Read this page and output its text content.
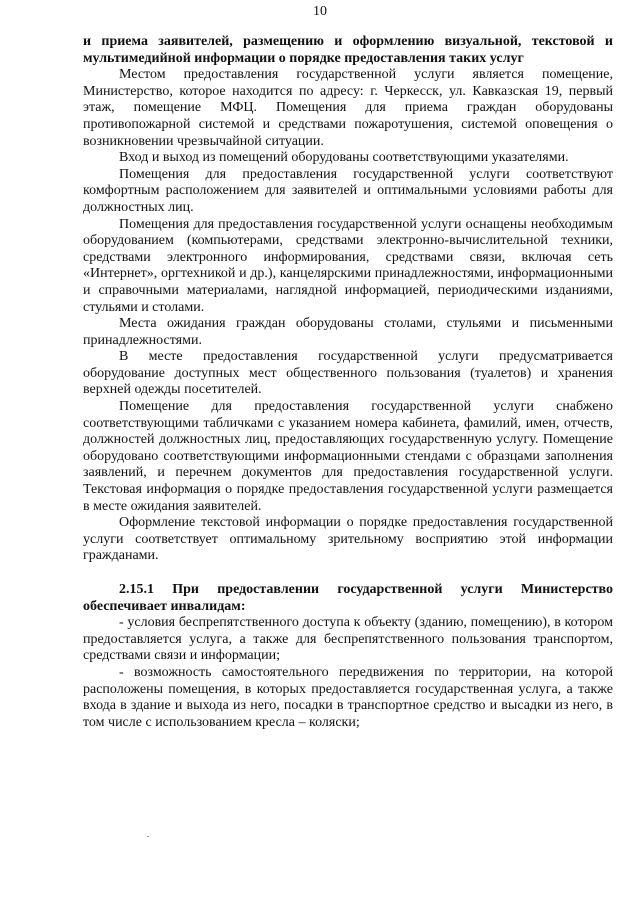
10

и приема заявителей, размещению и оформлению визуальной, текстовой и мультимедийной информации о порядке предоставления таких услуг

Местом предоставления государственной услуги является помещение, Министерство, которое находится по адресу: г. Черкесск, ул. Кавказская 19, первый этаж, помещение МФЦ. Помещения для приема граждан оборудованы противопожарной системой и средствами пожаротушения, системой оповещения о возникновении чрезвычайной ситуации.

Вход и выход из помещений оборудованы соответствующими указателями.

Помещения для предоставления государственной услуги соответствуют комфортным расположением для заявителей и оптимальными условиями работы для должностных лиц.

Помещения для предоставления государственной услуги оснащены необходимым оборудованием (компьютерами, средствами электронно-вычислительной техники, средствами электронного информирования, средствами связи, включая сеть «Интернет», оргтехникой и др.), канцелярскими принадлежностями, информационными и справочными материалами, наглядной информацией, периодическими изданиями, стульями и столами.

Места ожидания граждан оборудованы столами, стульями и письменными принадлежностями.

В месте предоставления государственной услуги предусматривается оборудование доступных мест общественного пользования (туалетов) и хранения верхней одежды посетителей.

Помещение для предоставления государственной услуги снабжено соответствующими табличками с указанием номера кабинета, фамилий, имен, отчеств, должностей должностных лиц, предоставляющих государственную услугу. Помещение оборудовано соответствующими информационными стендами с образцами заполнения заявлений, и перечнем документов для предоставления государственной услуги. Текстовая информация о порядке предоставления государственной услуги размещается в месте ожидания заявителей.

Оформление текстовой информации о порядке предоставления государственной услуги соответствует оптимальному зрительному восприятию этой информации гражданами.

2.15.1 При предоставлении государственной услуги Министерство обеспечивает инвалидам:

- условия беспрепятственного доступа к объекту (зданию, помещению), в котором предоставляется услуга, а также для беспрепятственного пользования транспортом, средствами связи и информации;

- возможность самостоятельного передвижения по территории, на которой расположены помещения, в которых предоставляется государственная услуга, а также входа в здание и выхода из него, посадки в транспортное средство и высадки из него, в том числе с использованием кресла – коляски;
